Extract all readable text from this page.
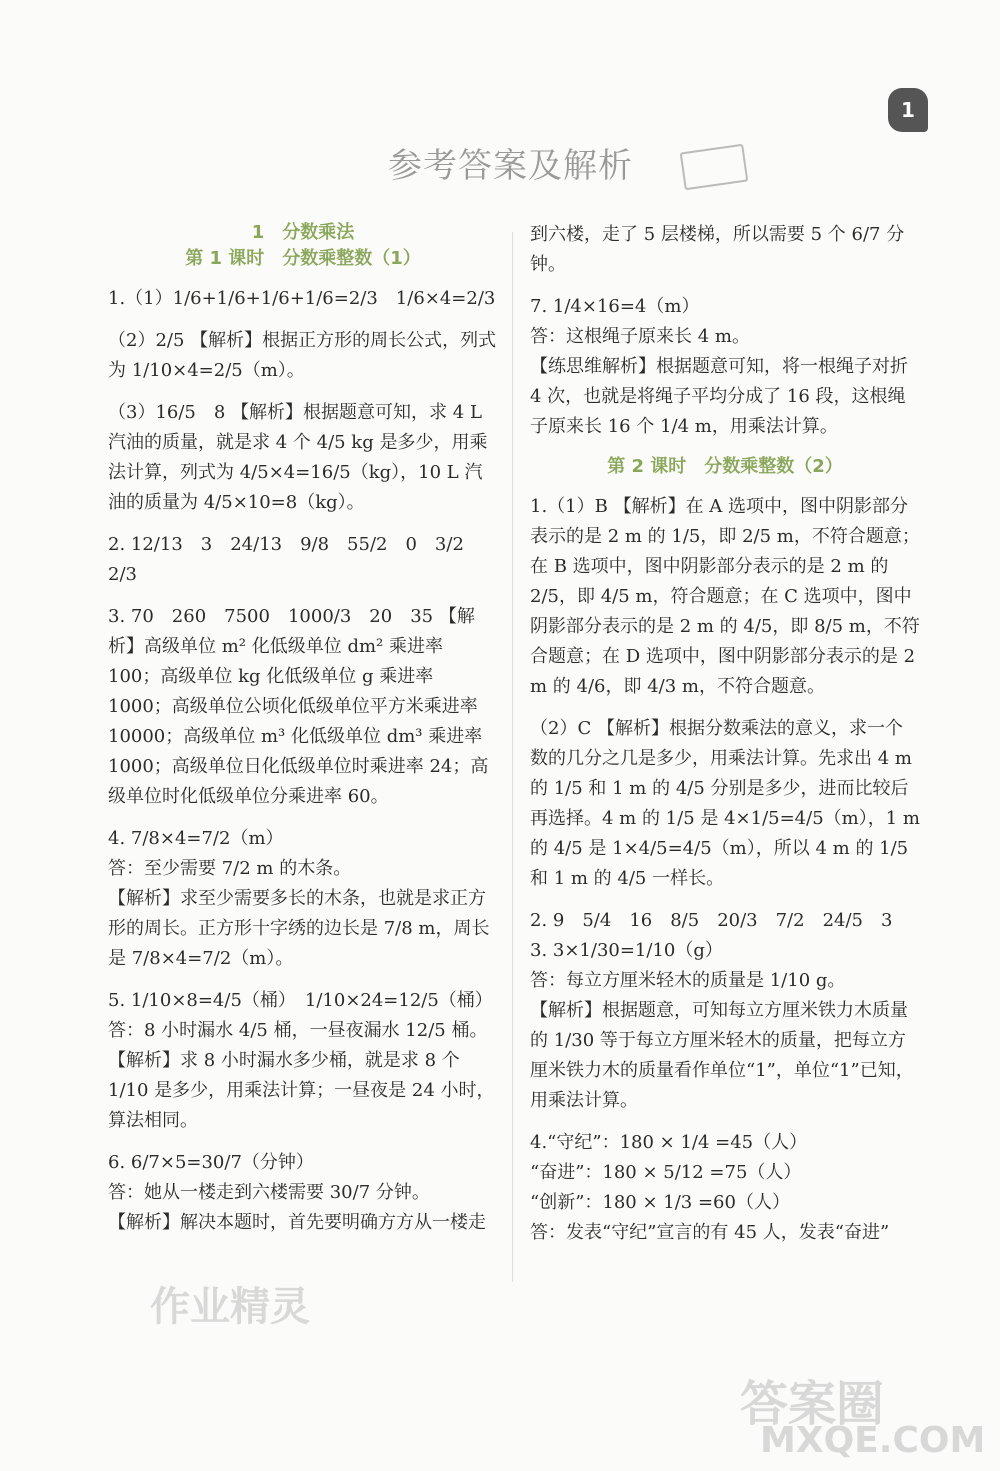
1
参考答案及解析
1　分数乘法
第 1 课时　分数乘整数（1）

1.（1）1/6+1/6+1/6+1/6=2/3　1/6×4=2/3

（2）2/5 【解析】根据正方形的周长公式，列式为 1/10×4=2/5（m）。

（3）16/5　8 【解析】根据题意可知，求 4 L 汽油的质量，就是求 4 个 4/5 kg 是多少，用乘法计算，列式为 4/5×4=16/5（kg），10 L 汽油的质量为 4/5×10=8（kg）。

2. 12/13　3　24/13　9/8　55/2　0　3/2　2/3

3. 70　260　7500　1000/3　20　35 【解析】高级单位 m² 化低级单位 dm² 乘进率 100；高级单位 kg 化低级单位 g 乘进率 1000；高级单位公顷化低级单位平方米乘进率 10000；高级单位 m³ 化低级单位 dm³ 乘进率 1000；高级单位日化低级单位时乘进率 24；高级单位时化低级单位分乘进率 60。

4. 7/8×4=7/2（m）

答：至少需要 7/2 m 的木条。

【解析】求至少需要多长的木条，也就是求正方形的周长。正方形十字绣的边长是 7/8 m，周长是 7/8×4=7/2（m）。

5. 1/10×8=4/5（桶）　1/10×24=12/5（桶）

答：8 小时漏水 4/5 桶，一昼夜漏水 12/5 桶。

【解析】求 8 小时漏水多少桶，就是求 8 个 1/10 是多少，用乘法计算；一昼夜是 24 小时，算法相同。

6. 6/7×5=30/7（分钟）

答：她从一楼走到六楼需要 30/7 分钟。

【解析】解决本题时，首先要明确方方从一楼走

到六楼，走了 5 层楼梯，所以需要 5 个 6/7 分钟。

7. 1/4×16=4（m）

答：这根绳子原来长 4 m。

【练思维解析】根据题意可知，将一根绳子对折 4 次，也就是将绳子平均分成了 16 段，这根绳子原来长 16 个 1/4 m，用乘法计算。

第 2 课时　分数乘整数（2）

1.（1）B 【解析】在 A 选项中，图中阴影部分表示的是 2 m 的 1/5，即 2/5 m，不符合题意；在 B 选项中，图中阴影部分表示的是 2 m 的 2/5，即 4/5 m，符合题意；在 C 选项中，图中阴影部分表示的是 2 m 的 4/5，即 8/5 m，不符合题意；在 D 选项中，图中阴影部分表示的是 2 m 的 4/6，即 4/3 m，不符合题意。

（2）C 【解析】根据分数乘法的意义，求一个数的几分之几是多少，用乘法计算。先求出 4 m 的 1/5 和 1 m 的 4/5 分别是多少，进而比较后再选择。4 m 的 1/5 是 4×1/5=4/5（m），1 m 的 4/5 是 1×4/5=4/5（m），所以 4 m 的 1/5 和 1 m 的 4/5 一样长。

2. 9　5/4　16　8/5　20/3　7/2　24/5　3

3. 3×1/30=1/10（g）

答：每立方厘米轻木的质量是 1/10 g。

【解析】根据题意，可知每立方厘米铁力木质量的 1/30 等于每立方厘米轻木的质量，把每立方厘米铁力木的质量看作单位“1”，单位“1”已知，用乘法计算。

4.“守纪”：180 × 1/4 =45（人）

“奋进”：180 × 5/12 =75（人）

“创新”：180 × 1/3 =60（人）

答：发表“守纪”宣言的有 45 人，发表“奋进”

作业精灵
答案圈
MXQE.COM
